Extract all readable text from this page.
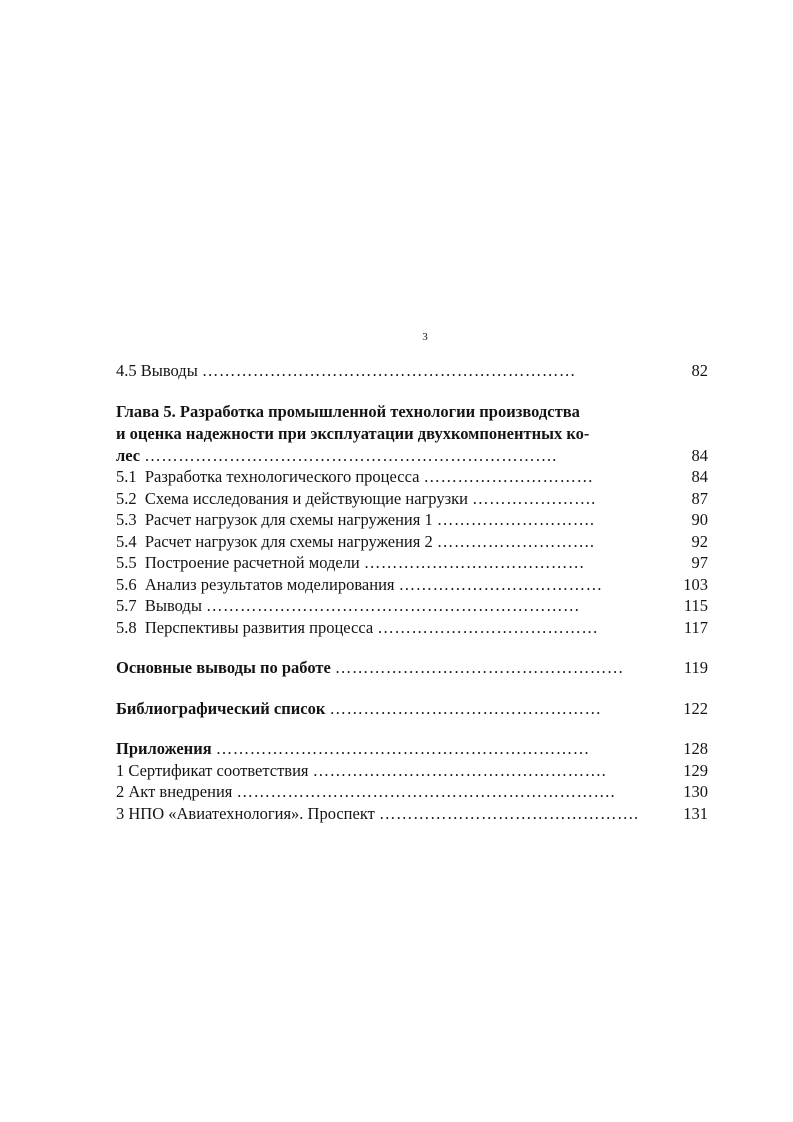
3
4.5 Выводы …………………………………………………………	82
Глава 5. Разработка промышленной технологии производства
и оценка надежности при эксплуатации двухкомпонентных ко-
лес ……………………………………………………………….	84
5.1 Разработка технологического процесса …………………………	84
5.2 Схема исследования и действующие нагрузки ………………….	87
5.3 Расчет нагрузок для схемы нагружения 1 ……………………….	90
5.4 Расчет нагрузок для схемы нагружения 2 ……………………….	92
5.5 Построение расчетной модели …………………………………	97
5.6 Анализ результатов моделирования ………………………………	103
5.7 Выводы …………………………………………………………	115
5.8 Перспективы развития процесса …………………………………	117
Основные выводы по работе ……………………………………………	119
Библиографический список …………………………………………	122
Приложения …………………………………………………………	128
1 Сертификат соответствия …………………………………………….	129
2 Акт внедрения ………………………………………………………….	130
3 НПО «Авиатехнология». Проспект ……………………………………….	131
